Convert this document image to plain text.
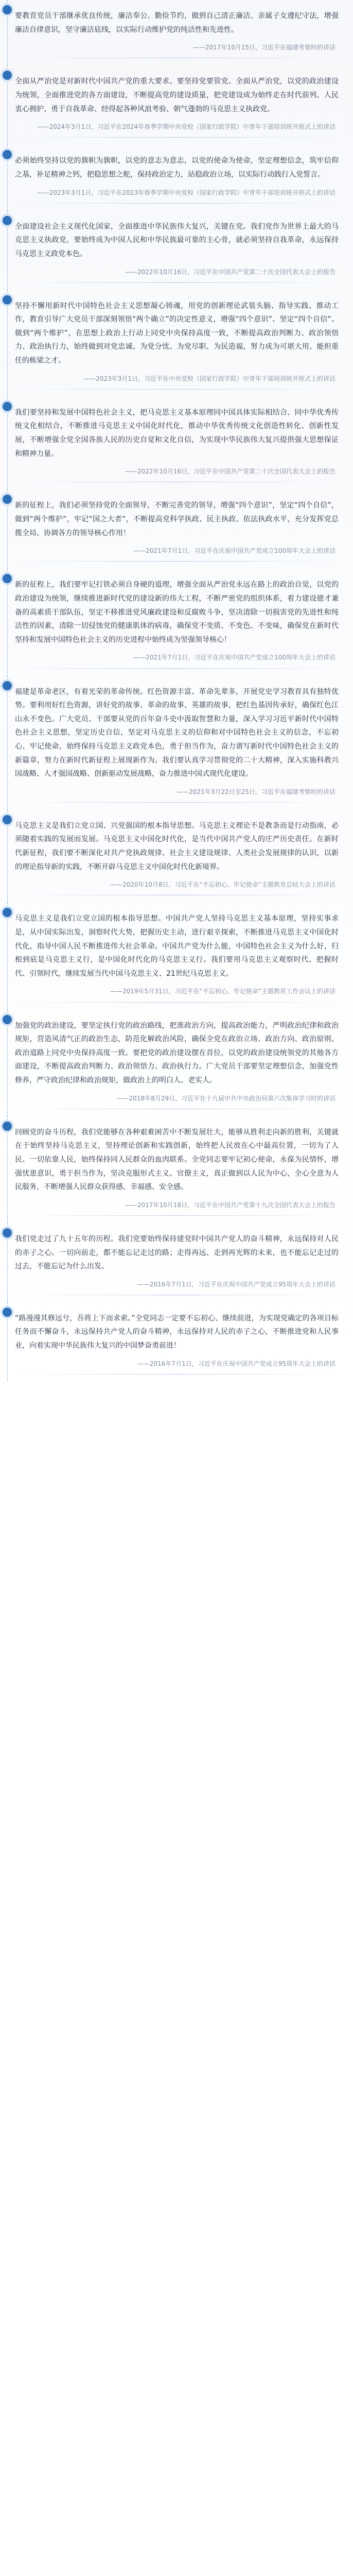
要教育党员干部继承优良传统，廉洁奉公、勤俭节约，做到自己清正廉洁、亲属子女遵纪守法，增强廉洁自律意识，坚守廉洁底线，以实际行动维护党的纯洁性和先进性。

——2017年10月15日，习近平在福建考察时的讲话

全面从严治党是对新时代中国共产党的重大要求。要坚持党要管党、全面从严治党，以党的政治建设为统领，全面推进党的各方面建设，不断提高党的建设质量，把党建设成为始终走在时代前列、人民衷心拥护、勇于自我革命、经得起各种风浪考验、朝气蓬勃的马克思主义执政党。

——2024年3月1日，习近平在2024年春季学期中央党校（国家行政学院）中青年干部培训班开班式上的讲话

必须始终坚持以党的旗帜为旗帜，以党的意志为意志，以党的使命为使命，坚定理想信念，筑牢信仰之基，补足精神之钙，把稳思想之舵，保持政治定力，站稳政治立场，以实际行动践行入党誓言。

——2023年3月1日，习近平在2023年春季学期中央党校（国家行政学院）中青年干部培训班开班式上的讲话

全面建设社会主义现代化国家，全面推进中华民族伟大复兴，关键在党。我们党作为世界上最大的马克思主义执政党，要始终成为中国人民和中华民族最可靠的主心骨，就必须坚持自我革命，永远保持马克思主义政党本色。

——2022年10月16日，习近平在中国共产党第二十次全国代表大会上的报告

坚持不懈用新时代中国特色社会主义思想凝心铸魂，用党的创新理论武装头脑、指导实践、推动工作，教育引导广大党员干部深刻领悟“两个确立”的决定性意义，增强“四个意识”、坚定“四个自信”、做到“两个维护”，在思想上政治上行动上同党中央保持高度一致，不断提高政治判断力、政治领悟力、政治执行力，始终做到对党忠诚、为党分忧、为党尽职、为民造福，努力成为可堪大用、能担重任的栋梁之才。

——2023年3月1日，习近平在中央党校（国家行政学院）中青年干部培训班开班式上的讲话

我们要坚持和发展中国特色社会主义，把马克思主义基本原理同中国具体实际相结合、同中华优秀传统文化相结合，不断推进马克思主义中国化时代化，推动中华优秀传统文化创造性转化、创新性发展，不断增强全党全国各族人民的历史自觉和文化自信，为实现中华民族伟大复兴提供强大思想保证和精神力量。

——2022年10月16日，习近平在中国共产党第二十次全国代表大会上的报告

新的征程上，我们必须坚持党的全面领导，不断完善党的领导，增强“四个意识”，坚定“四个自信”，做到“两个维护”，牢记“国之大者”，不断提高党科学执政、民主执政、依法执政水平，充分发挥党总揽全局、协调各方的领导核心作用！

——2021年7月1日，习近平在庆祝中国共产党成立100周年大会上的讲话

新的征程上，我们要牢记打铁必须自身硬的道理，增强全面从严治党永远在路上的政治自觉，以党的政治建设为统领，继续推进新时代党的建设新的伟大工程，不断严密党的组织体系，着力建设德才兼备的高素质干部队伍，坚定不移推进党风廉政建设和反腐败斗争，坚决清除一切损害党的先进性和纯洁性的因素，清除一切侵蚀党的健康肌体的病毒，确保党不变质、不变色、不变味，确保党在新时代坚持和发展中国特色社会主义的历史进程中始终成为坚强领导核心！

——2021年7月1日，习近平在庆祝中国共产党成立100周年大会上的讲话

福建是革命老区，有着光荣的革命传统。红色资源丰富、革命先辈多，开展党史学习教育具有独特优势。要利用好红色资源，讲好党的故事、革命的故事、英雄的故事，把红色基因传承好，确保红色江山永不变色。广大党员、干部要从党的百年奋斗史中汲取智慧和力量，深入学习习近平新时代中国特色社会主义思想，坚定历史自信，坚定对马克思主义的信仰和对中国特色社会主义的信念，不忘初心、牢记使命，始终保持马克思主义政党本色，勇于担当作为，奋力谱写新时代中国特色社会主义的新篇章，努力在新时代新征程上展现新作为。我们要认真学习贯彻党的二十大精神，深入实施科教兴国战略、人才强国战略、创新驱动发展战略，奋力推进中国式现代化建设。

——2021年3月22日至25日，习近平在福建考察时的讲话

马克思主义是我们立党立国、兴党强国的根本指导思想。马克思主义理论不是教条而是行动指南，必须随着实践的发展而发展。马克思主义中国化时代化，是当代中国共产党人的庄严历史责任。在新时代新征程，我们要不断深化对共产党执政规律、社会主义建设规律、人类社会发展规律的认识，以新的理论指导新的实践，不断开辟马克思主义中国化时代化新境界。

——2020年10月8日，习近平在“不忘初心、牢记使命”主题教育总结大会上的讲话

马克思主义是我们立党立国的根本指导思想。中国共产党人坚持马克思主义基本原理，坚持实事求是，从中国实际出发，洞察时代大势，把握历史主动，进行艰辛探索，不断推进马克思主义中国化时代化，指导中国人民不断推进伟大社会革命。中国共产党为什么能，中国特色社会主义为什么好，归根到底是马克思主义行，是中国化时代化的马克思主义行。我们要用马克思主义观察时代、把握时代、引领时代，继续发展当代中国马克思主义、21世纪马克思主义。

——2019年5月31日，习近平在“不忘初心、牢记使命”主题教育工作会议上的讲话

加强党的政治建设，要坚定执行党的政治路线，把准政治方向，提高政治能力，严明政治纪律和政治规矩，营造风清气正的政治生态，防范化解政治风险，确保全党在政治立场、政治方向、政治原则、政治道路上同党中央保持高度一致。要把党的政治建设摆在首位，以党的政治建设统领党的其他各方面建设，不断提高政治判断力、政治领悟力、政治执行力。广大党员干部要坚定理想信念，加强党性修养，严守政治纪律和政治规矩，做政治上的明白人、老实人。

——2018年8月29日，习近平在十九届中共中央政治局第六次集体学习时的讲话

回顾党的奋斗历程，我们党能够在各种艰难困苦中不断发展壮大，能够从胜利走向新的胜利，关键就在于始终坚持马克思主义，坚持理论创新和实践创新，始终把人民放在心中最高位置，一切为了人民、一切依靠人民，始终保持同人民群众的血肉联系。全党同志要牢记初心使命，永葆为民情怀，增强忧患意识，勇于担当作为，坚决克服形式主义、官僚主义，真正做到以人民为中心，全心全意为人民服务，不断增强人民群众获得感、幸福感、安全感。

——2017年10月18日，习近平在中国共产党第十九次全国代表大会上的报告

我们党走过了九十五年的历程。我们党要始终保持建党时中国共产党人的奋斗精神，永远保持对人民的赤子之心。一切向前走，都不能忘记走过的路；走得再远、走到再光辉的未来，也不能忘记走过的过去，不能忘记为什么出发。

——2016年7月1日，习近平在庆祝中国共产党成立95周年大会上的讲话

“路漫漫其修远兮，吾将上下而求索。”全党同志一定要不忘初心、继续前进，为实现党确定的各项目标任务而不懈奋斗，永远保持共产党人的奋斗精神，永远保持对人民的赤子之心，不断推进党和人民事业，向着实现中华民族伟大复兴的中国梦奋勇前进！

——2016年7月1日，习近平在庆祝中国共产党成立95周年大会上的讲话
